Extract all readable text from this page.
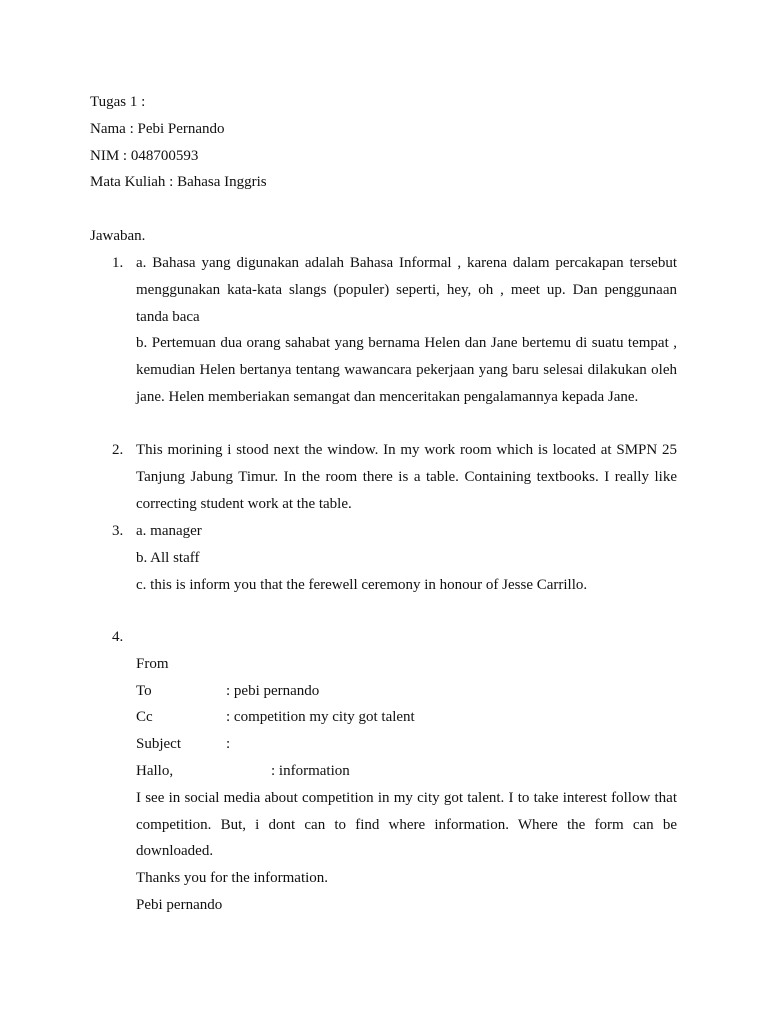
Tugas 1 :
Nama : Pebi Pernando
NIM : 048700593
Mata Kuliah : Bahasa Inggris
Jawaban.
1. a. Bahasa yang digunakan adalah Bahasa Informal , karena dalam percakapan tersebut menggunakan kata-kata slangs (populer) seperti, hey, oh , meet up. Dan penggunaan tanda baca
b. Pertemuan dua orang sahabat yang bernama Helen dan Jane bertemu di suatu tempat , kemudian Helen bertanya tentang wawancara pekerjaan yang baru selesai dilakukan oleh jane. Helen memberiakan semangat dan menceritakan pengalamannya kepada Jane.
2. This morining i stood next the window. In my work room which is located at SMPN 25 Tanjung Jabung Timur. In the room there is a table. Containing textbooks. I really like correcting student work at the table.
3. a. manager
b. All staff
c. this is inform you that the ferewell ceremony in honour of Jesse Carrillo.
4.

From

: pebi pernando

To

: competition my city got talent

Cc

:

Subject

: information

Hallo,
I see in social media about competition in my city got talent. I to take interest follow that competition. But, i dont can to find where information. Where the form can be downloaded.
Thanks you for the information.
Pebi pernando
